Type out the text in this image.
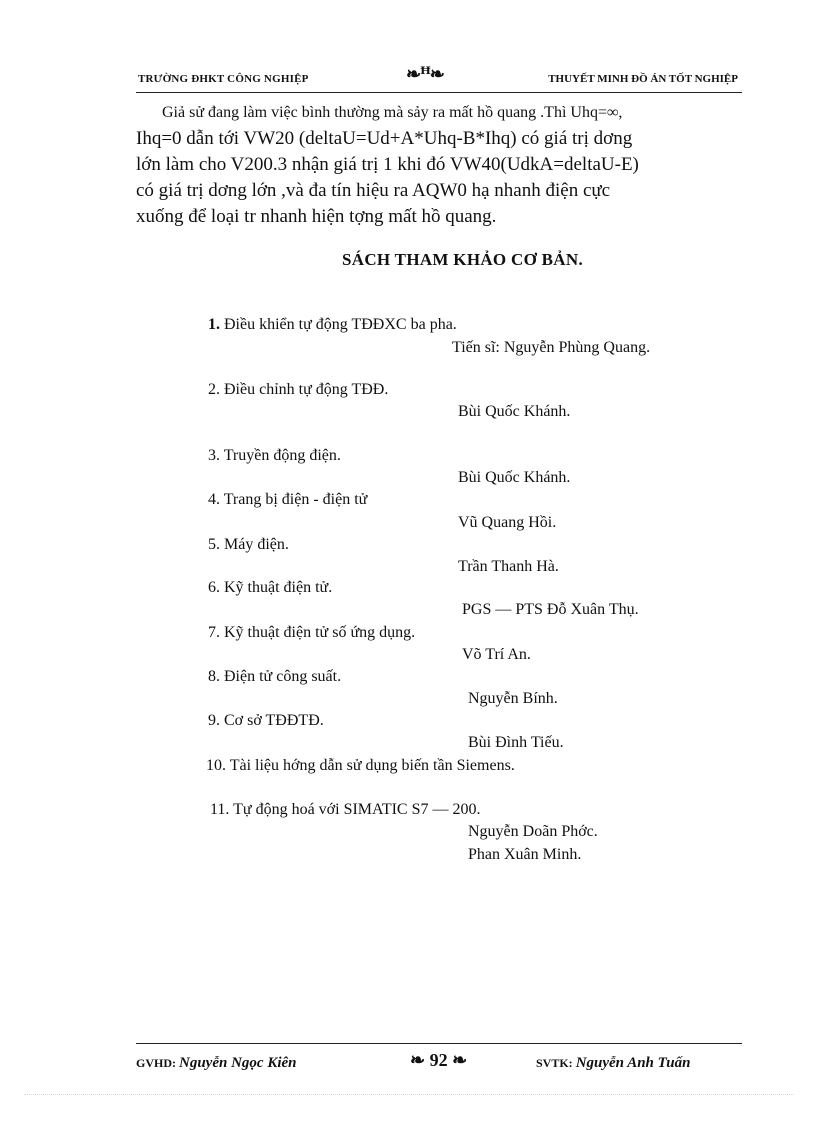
TRƯỜNG ĐHKT CÔNG NGHIỆP	❧ꟸ❧	THUYẾT MINH ĐỒ ÁN TỐT NGHIỆP

Giả sử đang làm việc bình thường mà sảy ra mất hồ quang .Thì Uhq=∞,

Ihq=0 dẫn tới VW20 (deltaU=Ud+A*Uhq-B*Ihq) có giá trị dơng

lớn làm cho V200.3 nhận giá trị 1 khi đó VW40(UdkA=deltaU-E)

có giá trị dơng lớn ,và đa tín hiệu ra AQW0 hạ nhanh điện cực

xuống để loại tr nhanh hiện tợng mất hồ quang.

SÁCH THAM KHẢO CƠ BẢN.
1. Điều khiển tự động TĐĐXC ba pha.
Tiến sĩ: Nguyễn Phùng Quang.
2. Điều chỉnh tự động TĐĐ.
Bùi Quốc Khánh.
3. Truyền động điện.
Bùi Quốc Khánh.
4. Trang bị điện - điện tử
Vũ Quang Hồi.
5. Máy điện.
Trần Thanh Hà.
6. Kỹ thuật điện tử.
PGS — PTS Đỗ Xuân Thụ.
7. Kỹ thuật điện tử số ứng dụng.
Võ Trí An.
8. Điện tử công suất.
Nguyễn Bính.
9. Cơ sở TĐĐTĐ.
Bùi Đình Tiếu.
10. Tài liệu hớng dẫn sử dụng biến tần Siemens.
11. Tự động hoá với SIMATIC S7 — 200.
Nguyễn Doãn Phớc.
Phan Xuân Minh.
GVHD: Nguyễn Ngọc Kiên	❧ 92 ❧	SVTK: Nguyễn Anh Tuấn
